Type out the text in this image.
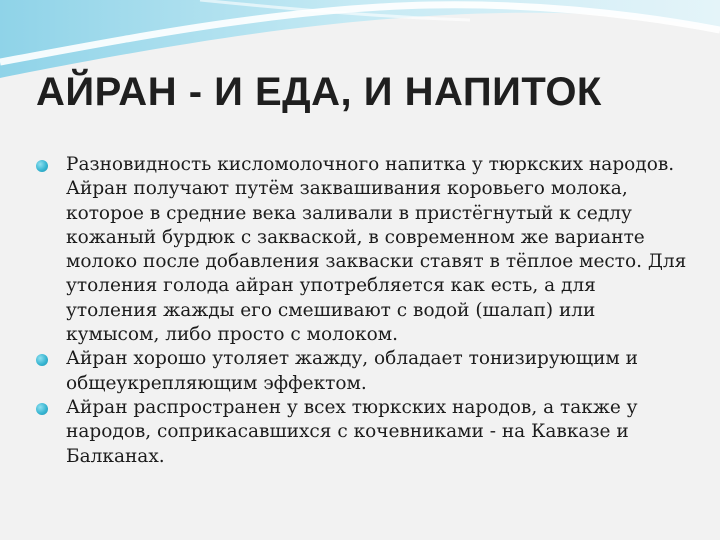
АЙРАН - И ЕДА, И НАПИТОК
Разновидность кисломолочного напитка у тюркских народов. Айран получают путём заквашивания коровьего молока, которое в средние века заливали в пристёгнутый к седлу кожаный бурдюк с закваской, в современном же варианте молоко после добавления закваски ставят в тёплое место. Для утоления голода айран употребляется как есть, а для утоления жажды его смешивают с водой (шалап) или кумысом, либо просто с молоком.
Айран хорошо утоляет жажду, обладает тонизирующим и общеукрепляющим эффектом.
Айран распространен у всех тюркских народов, а также у народов, соприкасавшихся с кочевниками - на Кавказе и Балканах.
